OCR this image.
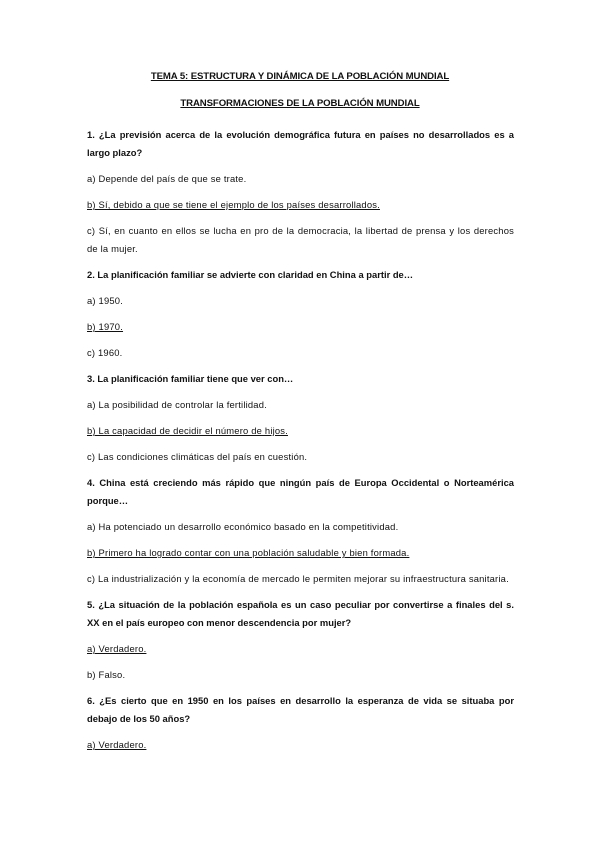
TEMA 5: ESTRUCTURA Y DINÁMICA DE LA POBLACIÓN MUNDIAL
TRANSFORMACIONES DE LA POBLACIÓN MUNDIAL
1. ¿La previsión acerca de la evolución demográfica futura en países no desarrollados es a largo plazo?
a) Depende del país de que se trate.
b) Sí, debido a que se tiene el ejemplo de los países desarrollados.
c) Sí, en cuanto en ellos se lucha en pro de la democracia, la libertad de prensa y los derechos de la mujer.
2. La planificación familiar se advierte con claridad en China a partir de…
a) 1950.
b) 1970.
c) 1960.
3. La planificación familiar tiene que ver con…
a) La posibilidad de controlar la fertilidad.
b) La capacidad de decidir el número de hijos.
c) Las condiciones climáticas del país en cuestión.
4. China está creciendo más rápido que ningún país de Europa Occidental o Norteamérica porque…
a) Ha potenciado un desarrollo económico basado en la competitividad.
b) Primero ha logrado contar con una población saludable y bien formada.
c) La industrialización y la economía de mercado le permiten mejorar su infraestructura sanitaria.
5. ¿La situación de la población española es un caso peculiar por convertirse a finales del s. XX en el país europeo con menor descendencia por mujer?
a) Verdadero.
b) Falso.
6. ¿Es cierto que en 1950 en los países en desarrollo la esperanza de vida se situaba por debajo de los 50 años?
a) Verdadero.
